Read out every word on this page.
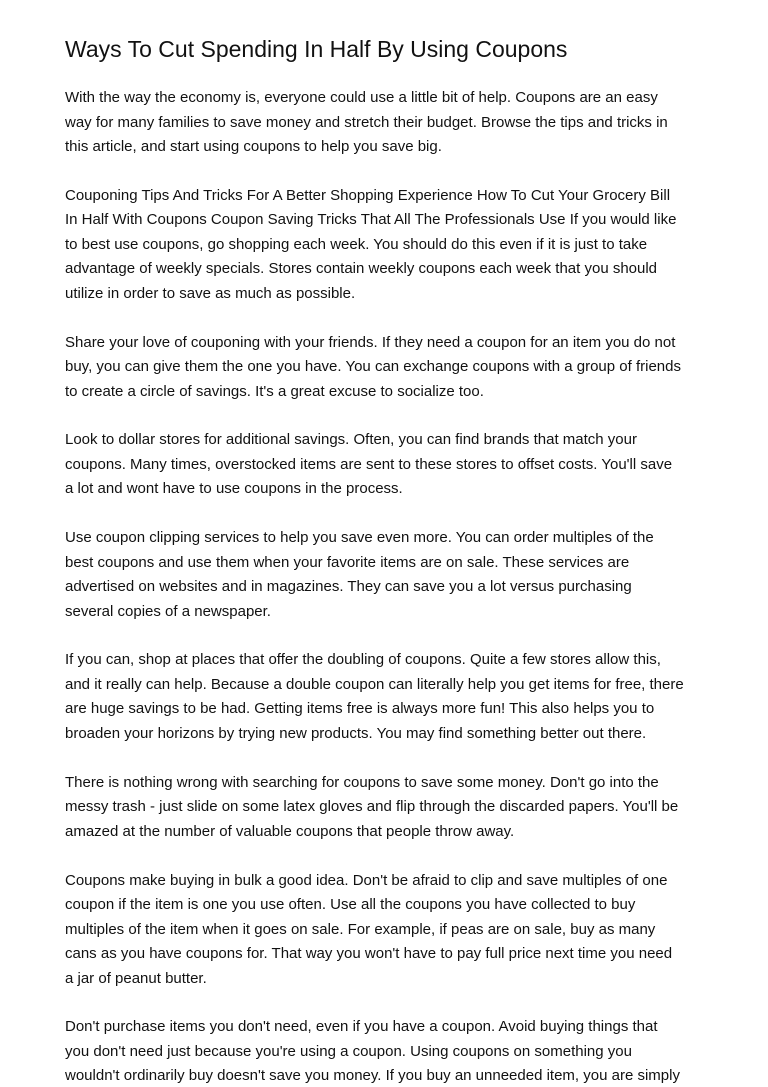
Ways To Cut Spending In Half By Using Coupons

With the way the economy is, everyone could use a little bit of help. Coupons are an easy
way for many families to save money and stretch their budget. Browse the tips and tricks in
this article, and start using coupons to help you save big.

Couponing Tips And Tricks For A Better Shopping Experience How To Cut Your Grocery Bill
In Half With Coupons Coupon Saving Tricks That All The Professionals Use If you would like
to best use coupons, go shopping each week. You should do this even if it is just to take
advantage of weekly specials. Stores contain weekly coupons each week that you should
utilize in order to save as much as possible.

Share your love of couponing with your friends. If they need a coupon for an item you do not
buy, you can give them the one you have. You can exchange coupons with a group of friends
to create a circle of savings. It's a great excuse to socialize too.

Look to dollar stores for additional savings. Often, you can find brands that match your
coupons. Many times, overstocked items are sent to these stores to offset costs. You'll save
a lot and wont have to use coupons in the process.

Use coupon clipping services to help you save even more. You can order multiples of the
best coupons and use them when your favorite items are on sale. These services are
advertised on websites and in magazines. They can save you a lot versus purchasing
several copies of a newspaper.

If you can, shop at places that offer the doubling of coupons. Quite a few stores allow this,
and it really can help. Because a double coupon can literally help you get items for free, there
are huge savings to be had. Getting items free is always more fun! This also helps you to
broaden your horizons by trying new products. You may find something better out there.

There is nothing wrong with searching for coupons to save some money. Don't go into the
messy trash - just slide on some latex gloves and flip through the discarded papers. You'll be
amazed at the number of valuable coupons that people throw away.

Coupons make buying in bulk a good idea. Don't be afraid to clip and save multiples of one
coupon if the item is one you use often. Use all the coupons you have collected to buy
multiples of the item when it goes on sale. For example, if peas are on sale, buy as many
cans as you have coupons for. That way you won't have to pay full price next time you need
a jar of peanut butter.

Don't purchase items you don't need, even if you have a coupon. Avoid buying things that
you don't need just because you're using a coupon. Using coupons on something you
wouldn't ordinarily buy doesn't save you money. If you buy an unneeded item, you are simply
